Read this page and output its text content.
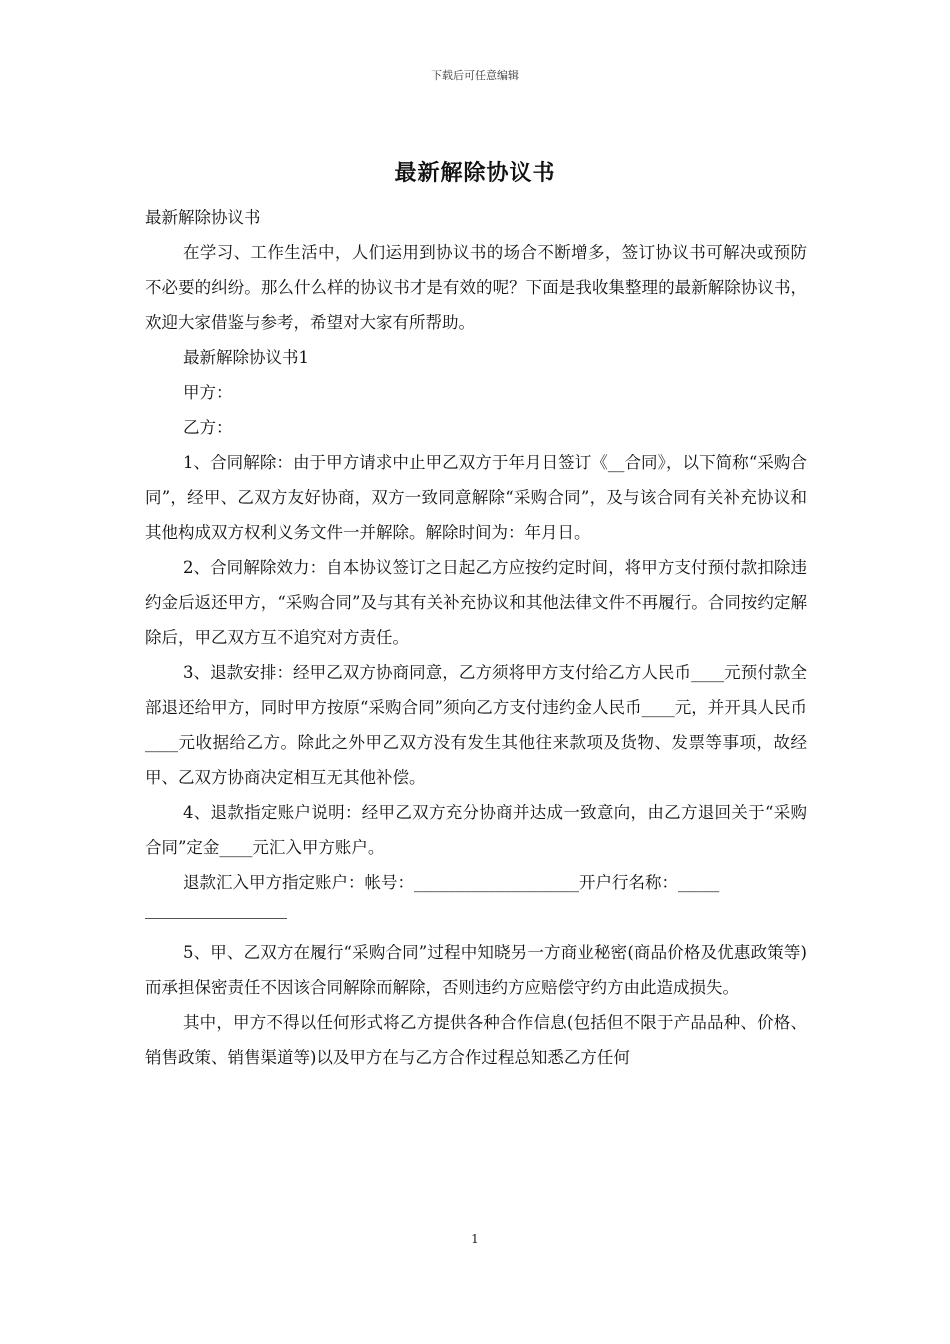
下载后可任意编辑
最新解除协议书

最新解除协议书

在学习、工作生活中，人们运用到协议书的场合不断增多，签订协议书可解决或预防不必要的纠纷。那么什么样的协议书才是有效的呢？下面是我收集整理的最新解除协议书，欢迎大家借鉴与参考，希望对大家有所帮助。

最新解除协议书1

甲方：

乙方：

1、合同解除：由于甲方请求中止甲乙双方于年月日签订《__合同》，以下简称“采购合同”，经甲、乙双方友好协商，双方一致同意解除“采购合同”，及与该合同有关补充协议和其他构成双方权利义务文件一并解除。解除时间为：年月日。

2、合同解除效力：自本协议签订之日起乙方应按约定时间，将甲方支付预付款扣除违约金后返还甲方，“采购合同”及与其有关补充协议和其他法律文件不再履行。合同按约定解除后，甲乙双方互不追究对方责任。

3、退款安排：经甲乙双方协商同意，乙方须将甲方支付给乙方人民币____元预付款全部退还给甲方，同时甲方按原“采购合同”须向乙方支付违约金人民币____元，并开具人民币____元收据给乙方。除此之外甲乙双方没有发生其他往来款项及货物、发票等事项，故经甲、乙双方协商决定相互无其他补偿。

4、退款指定账户说明：经甲乙双方充分协商并达成一致意向，由乙方退回关于“采购合同”定金____元汇入甲方账户。

退款汇入甲方指定账户：帐号：____________________开户行名称：_____

5、甲、乙双方在履行“采购合同”过程中知晓另一方商业秘密(商品价格及优惠政策等)而承担保密责任不因该合同解除而解除，否则违约方应赔偿守约方由此造成损失。

其中，甲方不得以任何形式将乙方提供各种合作信息(包括但不限于产品品种、价格、销售政策、销售渠道等)以及甲方在与乙方合作过程总知悉乙方任何

1
